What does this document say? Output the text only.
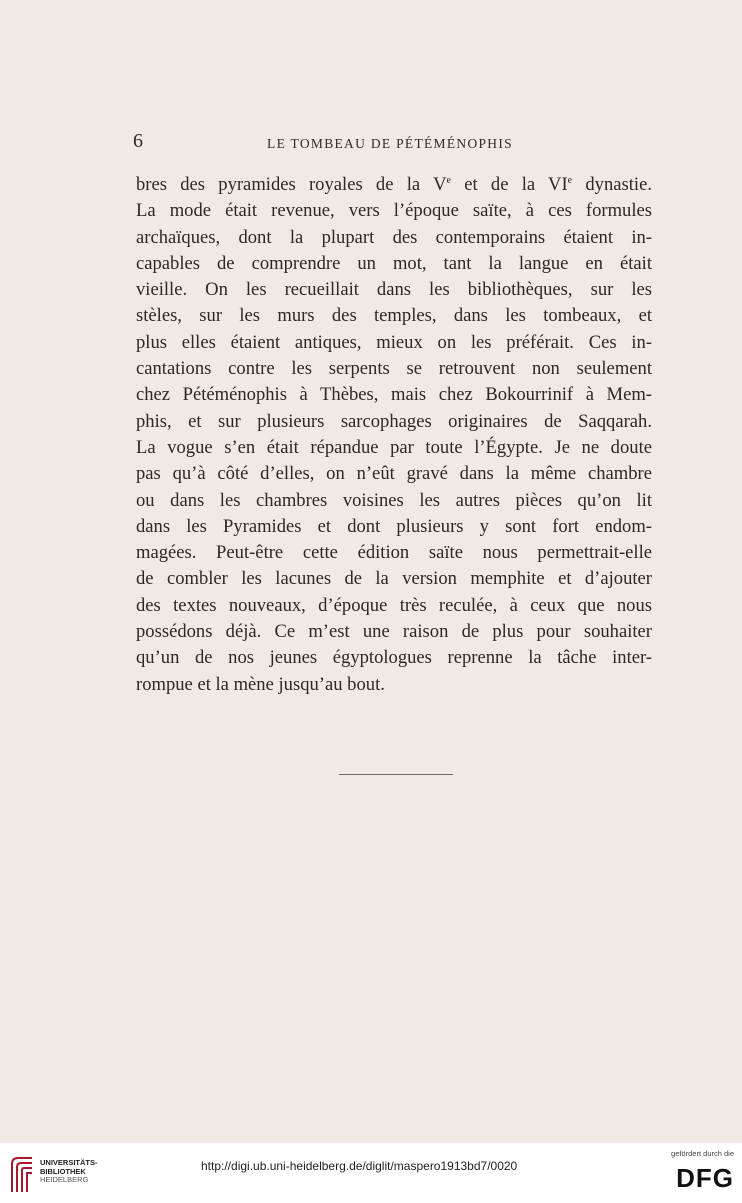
6	LE TOMBEAU DE PÉTÉMÉNOPHIS
bres des pyramides royales de la Ve et de la VIe dynastie.
La mode était revenue, vers l’époque saïte, à ces formules
archaïques, dont la plupart des contemporains étaient in-
capables de comprendre un mot, tant la langue en était
vieille. On les recueillait dans les bibliothèques, sur les
stèles, sur les murs des temples, dans les tombeaux, et
plus elles étaient antiques, mieux on les préférait. Ces in-
cantations contre les serpents se retrouvent non seulement
chez Pétéménophis à Thèbes, mais chez Bokourrinif à Mem-
phis, et sur plusieurs sarcophages originaires de Saqqarah.
La vogue s’en était répandue par toute l’Égypte. Je ne doute
pas qu’à côté d’elles, on n’eût gravé dans la même chambre
ou dans les chambres voisines les autres pièces qu’on lit
dans les Pyramides et dont plusieurs y sont fort endom-
magées. Peut-être cette édition saïte nous permettrait-elle
de combler les lacunes de la version memphite et d’ajouter
des textes nouveaux, d’époque très reculée, à ceux que nous
possédons déjà. Ce m’est une raison de plus pour souhaiter
qu’un de nos jeunes égyptologues reprenne la tâche inter-
rompue et la mène jusqu’au bout.
UNIVERSITÄTS-
BIBLIOTHEK
HEIDELBERG
http://digi.ub.uni-heidelberg.de/diglit/maspero1913bd7/0020
gefördert durch die
DFG
